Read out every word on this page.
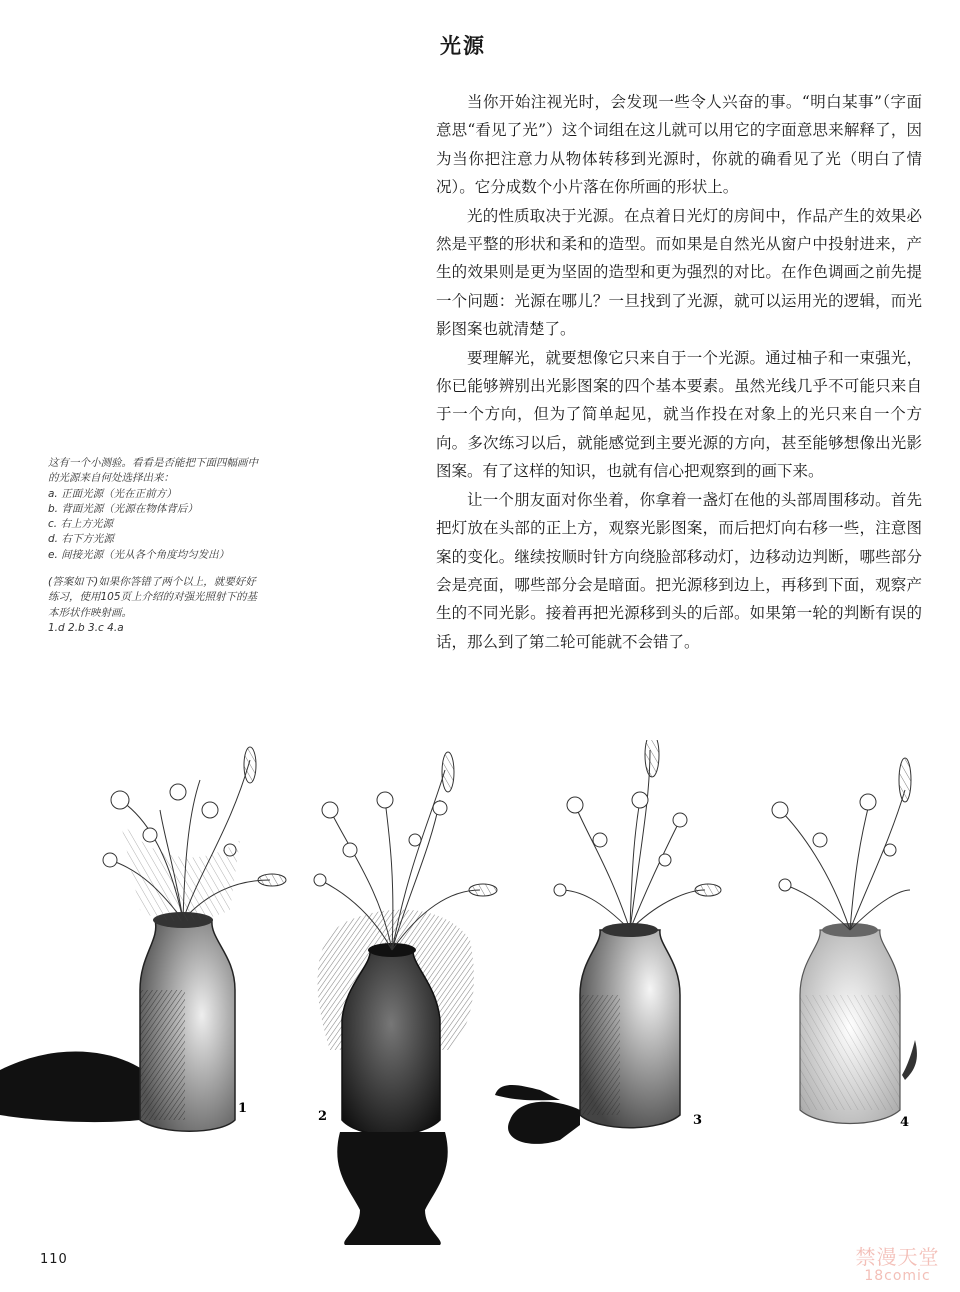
光源

当你开始注视光时，会发现一些令人兴奋的事。“明白某事”（字面意思“看见了光”）这个词组在这儿就可以用它的字面意思来解释了，因为当你把注意力从物体转移到光源时，你就的确看见了光（明白了情况）。它分成数个小片落在你所画的形状上。

光的性质取决于光源。在点着日光灯的房间中，作品产生的效果必然是平整的形状和柔和的造型。而如果是自然光从窗户中投射进来，产生的效果则是更为坚固的造型和更为强烈的对比。在作色调画之前先提一个问题：光源在哪儿？一旦找到了光源，就可以运用光的逻辑，而光影图案也就清楚了。

要理解光，就要想像它只来自于一个光源。通过柚子和一束强光，你已能够辨别出光影图案的四个基本要素。虽然光线几乎不可能只来自于一个方向，但为了简单起见，就当作投在对象上的光只来自一个方向。多次练习以后，就能感觉到主要光源的方向，甚至能够想像出光影图案。有了这样的知识，也就有信心把观察到的画下来。

让一个朋友面对你坐着，你拿着一盏灯在他的头部周围移动。首先把灯放在头部的正上方，观察光影图案，而后把灯向右移一些，注意图案的变化。继续按顺时针方向绕脸部移动灯，边移动边判断，哪些部分会是亮面，哪些部分会是暗面。把光源移到边上，再移到下面，观察产生的不同光影。接着再把光源移到头的后部。如果第一轮的判断有误的话，那么到了第二轮可能就不会错了。

这有一个小测验。看看是否能把下面四幅画中
的光源来自何处选择出来：
a. 正面光源（光在正前方）
b. 背面光源（光源在物体背后）
c. 右上方光源
d. 右下方光源
e. 间接光源（光从各个角度均匀发出）
(答案如下)如果你答错了两个以上，就要好好
练习，使用105页上介绍的对强光照射下的基
本形状作映射画。
1.d 2.b 3.c 4.a
1
2	3	4
110	禁漫天堂
18comic
